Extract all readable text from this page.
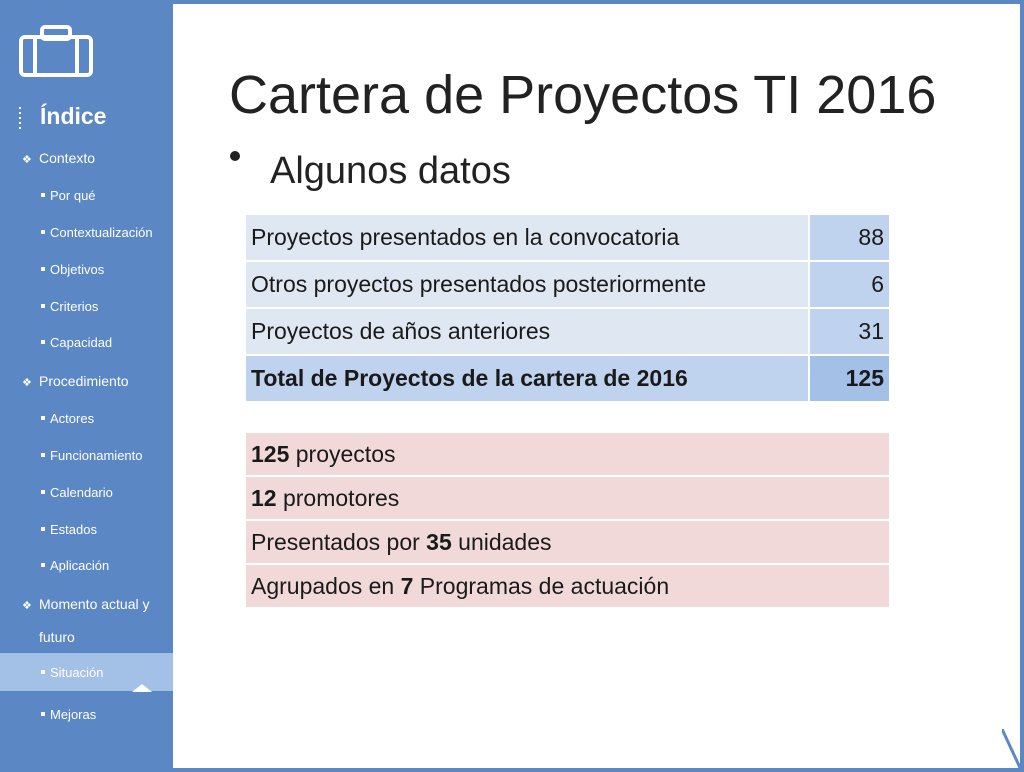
Índice
❖ Contexto
Por qué
Contextualización
Objetivos
Criterios
Capacidad
❖ Procedimiento
Actores
Funcionamiento
Calendario
Estados
Aplicación
❖ Momento actual y
futuro
Situación
Mejoras
Cartera de Proyectos TI 2016
Algunos datos
Proyectos presentados en la convocatoria	88
Otros proyectos presentados posteriormente	6
Proyectos de años anteriores	31
Total de Proyectos de la cartera de 2016	125
125 proyectos
12 promotores
Presentados por 35 unidades
Agrupados en 7 Programas de actuación
